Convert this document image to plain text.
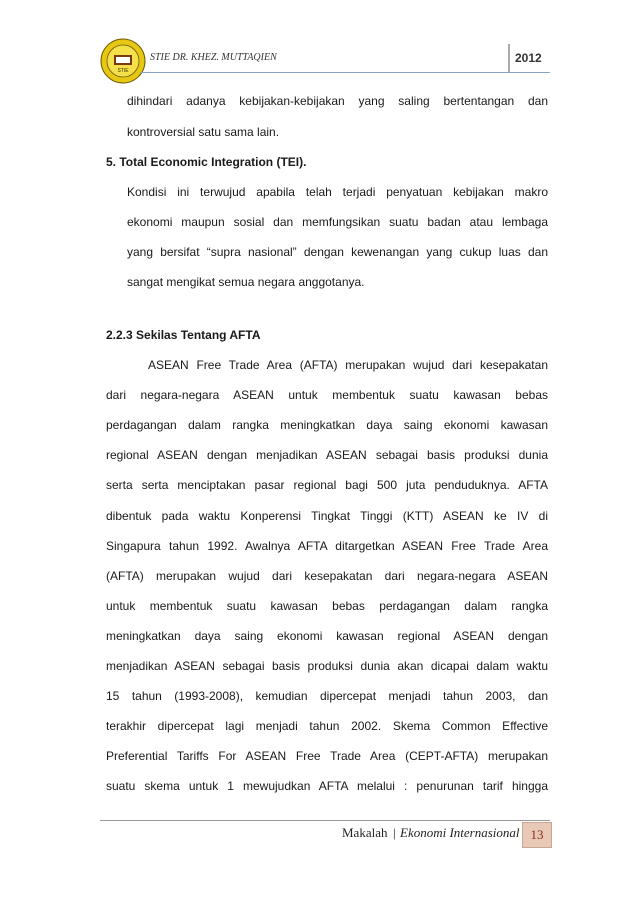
STIE
STIE DR. KHEZ. MUTTAQIEN	2012
dihindari adanya kebijakan-kebijakan yang saling bertentangan dan
kontroversial satu sama lain.
5. Total Economic Integration (TEI).
Kondisi ini terwujud apabila telah terjadi penyatuan kebijakan makro
ekonomi maupun sosial dan memfungsikan suatu badan atau lembaga
yang bersifat “supra nasional” dengan kewenangan yang cukup luas dan
sangat mengikat semua negara anggotanya.
2.2.3 Sekilas Tentang AFTA
ASEAN Free Trade Area (AFTA) merupakan wujud dari kesepakatan
dari negara-negara ASEAN untuk membentuk suatu kawasan bebas
perdagangan dalam rangka meningkatkan daya saing ekonomi kawasan
regional ASEAN dengan menjadikan ASEAN sebagai basis produksi dunia
serta serta menciptakan pasar regional bagi 500 juta penduduknya. AFTA
dibentuk pada waktu Konperensi Tingkat Tinggi (KTT) ASEAN ke IV di
Singapura tahun 1992. Awalnya AFTA ditargetkan ASEAN Free Trade Area
(AFTA) merupakan wujud dari kesepakatan dari negara-negara ASEAN
untuk membentuk suatu kawasan bebas perdagangan dalam rangka
meningkatkan daya saing ekonomi kawasan regional ASEAN dengan
menjadikan ASEAN sebagai basis produksi dunia akan dicapai dalam waktu
15 tahun (1993-2008), kemudian dipercepat menjadi tahun 2003, dan
terakhir dipercepat lagi menjadi tahun 2002. Skema Common Effective
Preferential Tariffs For ASEAN Free Trade Area (CEPT-AFTA) merupakan
suatu skema untuk 1 mewujudkan AFTA melalui : penurunan tarif hingga
Makalah | Ekonomi Internasional 13
